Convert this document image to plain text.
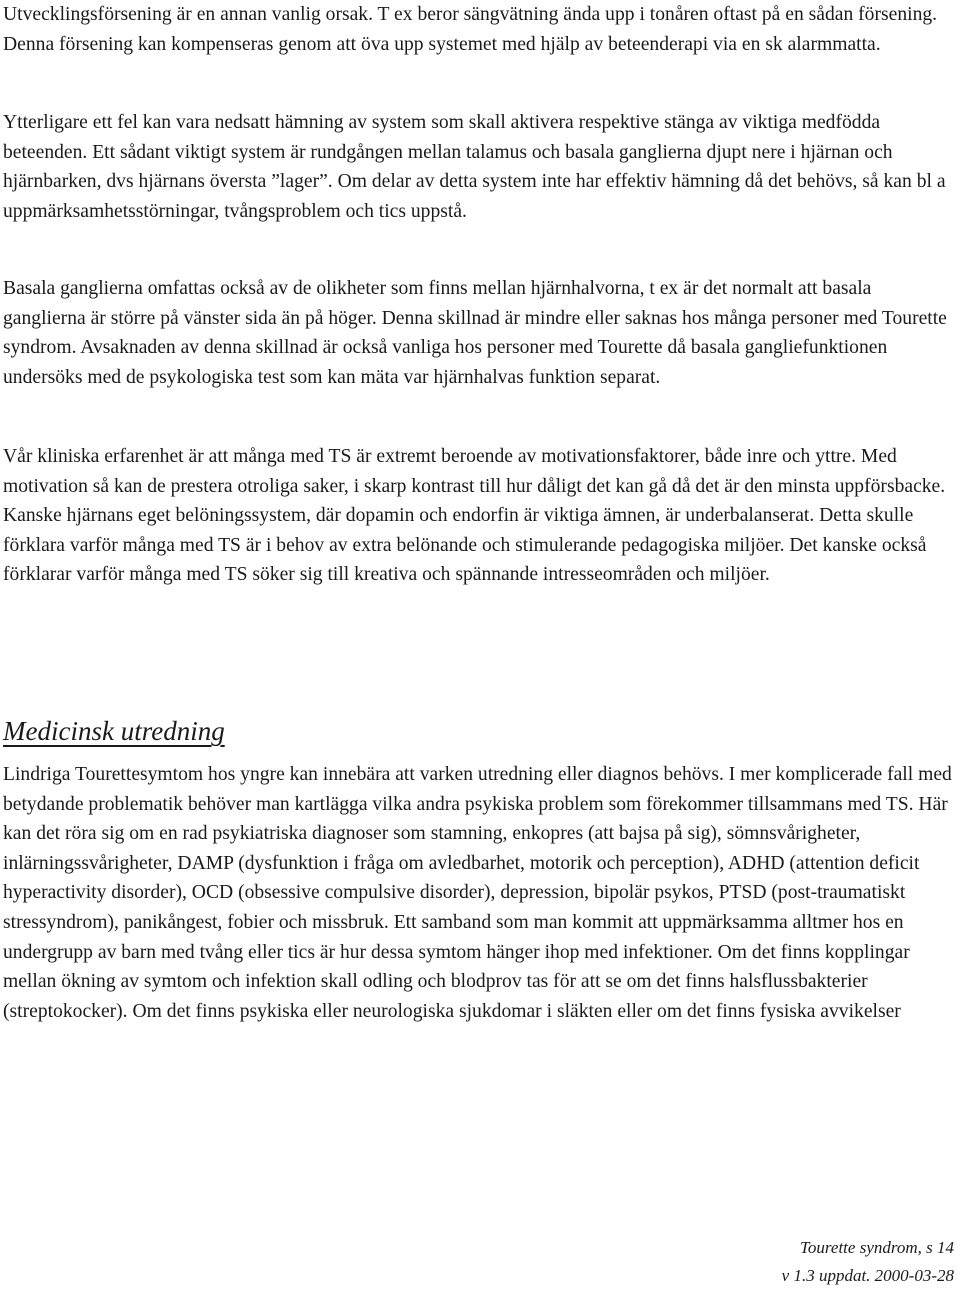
Utvecklingsförsening är en annan vanlig orsak. T ex beror sängvätning ända upp i tonåren oftast på en sådan försening. Denna försening kan kompenseras genom att öva upp systemet med hjälp av beteenderapi via en sk alarmmatta.

Ytterligare ett fel kan vara nedsatt hämning av system som skall aktivera respektive stänga av viktiga medfödda beteenden. Ett sådant viktigt system är rundgången mellan talamus och basala ganglierna djupt nere i hjärnan och hjärnbarken, dvs hjärnans översta ”lager”. Om delar av detta system inte har effektiv hämning då det behövs, så kan bl a uppmärksamhetsstörningar, tvångsproblem och tics uppstå.

Basala ganglierna omfattas också av de olikheter som finns mellan hjärnhalvorna, t ex är det normalt att basala ganglierna är större på vänster sida än på höger. Denna skillnad är mindre eller saknas hos många personer med Tourette syndrom. Avsaknaden av denna skillnad är också vanliga hos personer med Tourette då basala gangliefunktionen undersöks med de psykologiska test som kan mäta var hjärnhalvas funktion separat.

Vår kliniska erfarenhet är att många med TS är extremt beroende av motivationsfaktorer, både inre och yttre. Med motivation så kan de prestera otroliga saker, i skarp kontrast till hur dåligt det kan gå då det är den minsta uppförsbacke. Kanske hjärnans eget belöningssystem, där dopamin och endorfin är viktiga ämnen, är underbalanserat. Detta skulle förklara varför många med TS är i behov av extra belönande och stimulerande pedagogiska miljöer. Det kanske också förklarar varför många med TS söker sig till kreativa och spännande intresseområden och miljöer.

Medicinsk utredning

Lindriga Tourettesymtom hos yngre kan innebära att varken utredning eller diagnos behövs. I mer komplicerade fall med betydande problematik behöver man kartlägga vilka andra psykiska problem som förekommer tillsammans med TS. Här kan det röra sig om en rad psykiatriska diagnoser som stamning, enkopres (att bajsa på sig), sömnsvårigheter, inlärningssvårigheter, DAMP (dysfunktion i fråga om avledbarhet, motorik och perception), ADHD (attention deficit hyperactivity disorder), OCD (obsessive compulsive disorder), depression, bipolär psykos, PTSD (post-traumatiskt stressyndrom), panikångest, fobier och missbruk. Ett samband som man kommit att uppmärksamma alltmer hos en undergrupp av barn med tvång eller tics är hur dessa symtom hänger ihop med infektioner. Om det finns kopplingar mellan ökning av symtom och infektion skall odling och blodprov tas för att se om det finns halsflussbakterier (streptokocker). Om det finns psykiska eller neurologiska sjukdomar i släkten eller om det finns fysiska avvikelser

Tourette syndrom, s 14
v 1.3 uppdat. 2000-03-28
